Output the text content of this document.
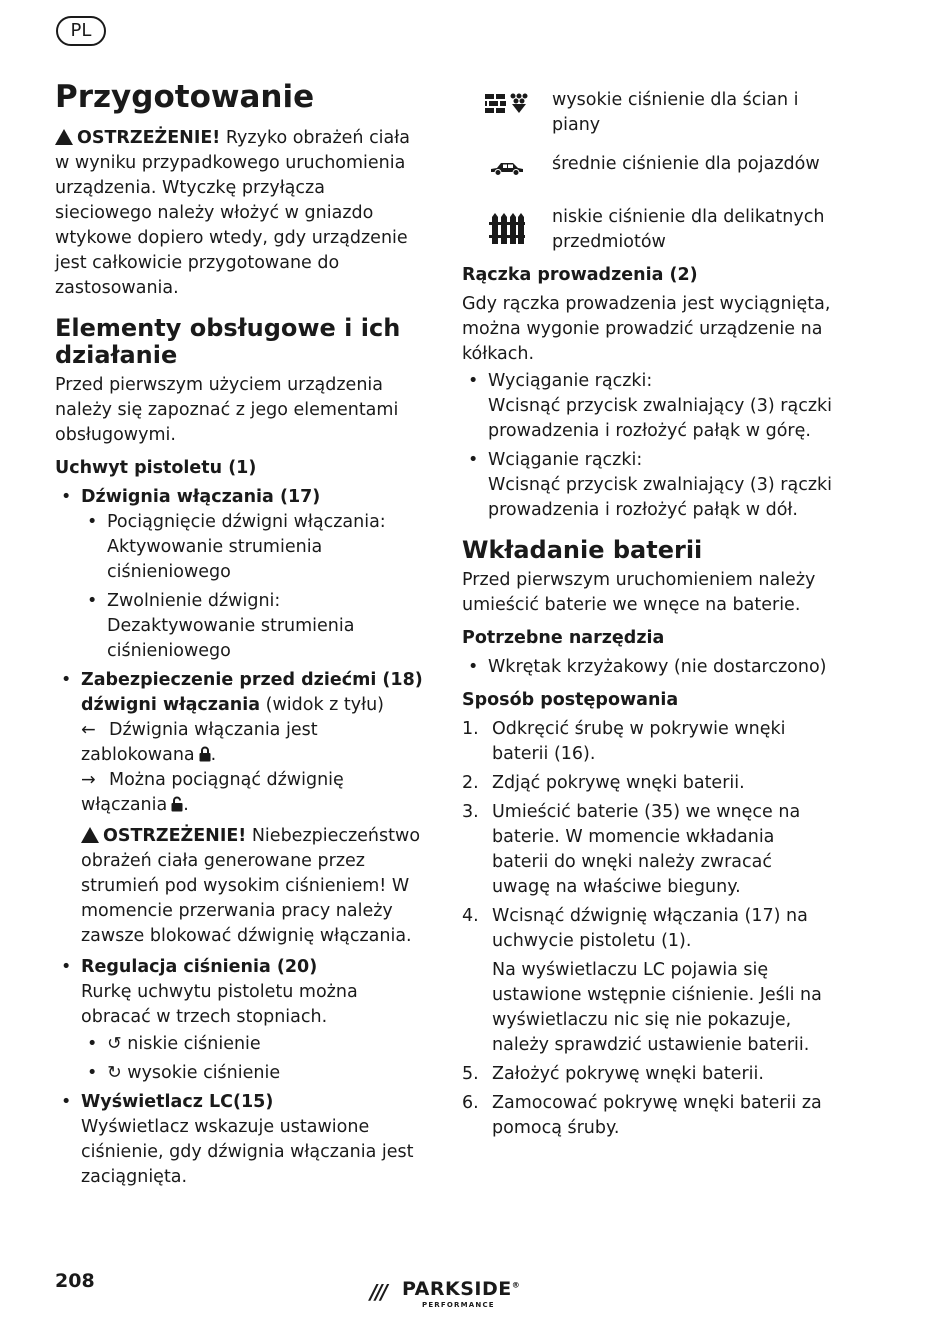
PL
Przygotowanie

OSTRZEŻENIE! Ryzyko obrażeń ciała w wyniku przypadkowego uruchomienia urządzenia. Wtyczkę przyłącza sieciowego należy włożyć w gniazdo wtykowe dopiero wtedy, gdy urządzenie jest całkowicie przygotowane do zastosowania.

Elementy obsługowe i ich działanie

Przed pierwszym użyciem urządzenia należy się zapoznać z jego elementami obsługowymi.

Uchwyt pistoletu (1)

• Dźwignia włączania (17)
• Pociągnięcie dźwigni włączania: Aktywowanie strumienia ciśnieniowego
• Zwolnienie dźwigni: Dezaktywowanie strumienia ciśnieniowego
• Zabezpieczenie przed dziećmi (18) dźwigni włączania (widok z tyłu)
← Dźwignia włączania jest zablokowana .
→ Można pociągnąć dźwignię włączania .

OSTRZEŻENIE! Niebezpieczeństwo obrażeń ciała generowane przez strumień pod wysokim ciśnieniem! W momencie przerwania pracy należy zawsze blokować dźwignię włączania.

• Regulacja ciśnienia (20)
Rurkę uchwytu pistoletu można obracać w trzech stopniach.
• ↺ niskie ciśnienie
• ↻ wysokie ciśnienie
• Wyświetlacz LC(15)
Wyświetlacz wskazuje ustawione ciśnienie, gdy dźwignia włączania jest zaciągnięta.
wysokie ciśnienie dla ścian i piany
średnie ciśnienie dla pojazdów
niskie ciśnienie dla delikatnych przedmiotów

Rączka prowadzenia (2)

Gdy rączka prowadzenia jest wyciągnięta, można wygonie prowadzić urządzenie na kółkach.

• Wyciąganie rączki:
Wcisnąć przycisk zwalniający (3) rączki prowadzenia i rozłożyć pałąk w górę.
• Wciąganie rączki:
Wcisnąć przycisk zwalniający (3) rączki prowadzenia i rozłożyć pałąk w dół.
Wkładanie baterii

Przed pierwszym uruchomieniem należy umieścić baterie we wnęce na baterie.

Potrzebne narzędzia

• Wkrętak krzyżakowy (nie dostarczono)

Sposób postępowania

1. Odkręcić śrubę w pokrywie wnęki baterii (16).
2. Zdjąć pokrywę wnęki baterii.
3. Umieścić baterie (35) we wnęce na baterie. W momencie wkładania baterii do wnęki należy zwracać uwagę na właściwe bieguny.
4. Wcisnąć dźwignię włączania (17) na uchwycie pistoletu (1).
Na wyświetlaczu LC pojawia się ustawione wstępnie ciśnienie. Jeśli na wyświetlaczu nic się nie pokazuje, należy sprawdzić ustawienie baterii.
5. Założyć pokrywę wnęki baterii.
6. Zamocować pokrywę wnęki baterii za pomocą śruby.
208	/// PARKSIDE®
PERFORMANCE
